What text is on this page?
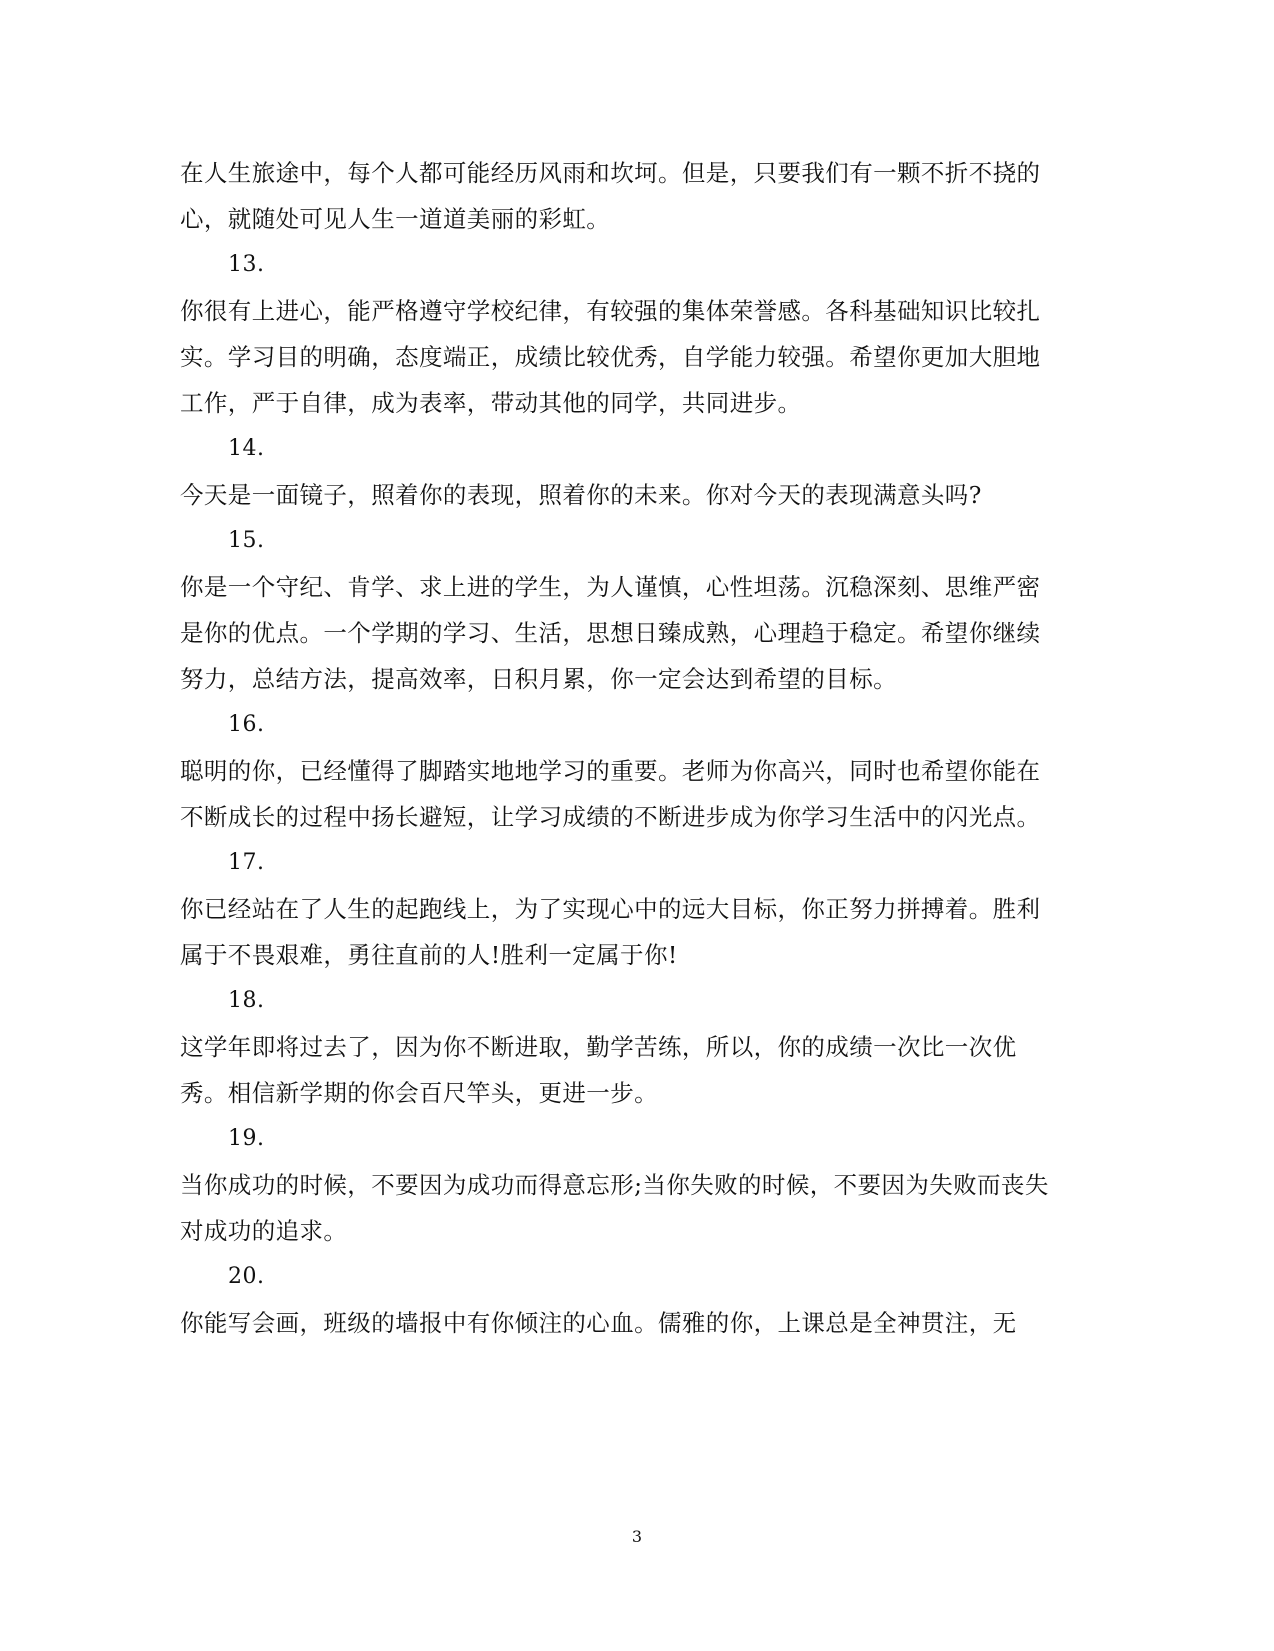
在人生旅途中，每个人都可能经历风雨和坎坷。但是，只要我们有一颗不折不挠的心，就随处可见人生一道道美丽的彩虹。

13.

你很有上进心，能严格遵守学校纪律，有较强的集体荣誉感。各科基础知识比较扎实。学习目的明确，态度端正，成绩比较优秀，自学能力较强。希望你更加大胆地工作，严于自律，成为表率，带动其他的同学，共同进步。

14.

今天是一面镜子，照着你的表现，照着你的未来。你对今天的表现满意头吗?

15.

你是一个守纪、肯学、求上进的学生，为人谨慎，心性坦荡。沉稳深刻、思维严密是你的优点。一个学期的学习、生活，思想日臻成熟，心理趋于稳定。希望你继续努力，总结方法，提高效率，日积月累，你一定会达到希望的目标。

16.

聪明的你，已经懂得了脚踏实地地学习的重要。老师为你高兴，同时也希望你能在不断成长的过程中扬长避短，让学习成绩的不断进步成为你学习生活中的闪光点。

17.

你已经站在了人生的起跑线上，为了实现心中的远大目标，你正努力拼搏着。胜利属于不畏艰难，勇往直前的人!胜利一定属于你!

18.

这学年即将过去了，因为你不断进取，勤学苦练，所以，你的成绩一次比一次优秀。相信新学期的你会百尺竿头，更进一步。

19.

当你成功的时候，不要因为成功而得意忘形;当你失败的时候，不要因为失败而丧失对成功的追求。

20.

你能写会画，班级的墙报中有你倾注的心血。儒雅的你，上课总是全神贯注，无

3
